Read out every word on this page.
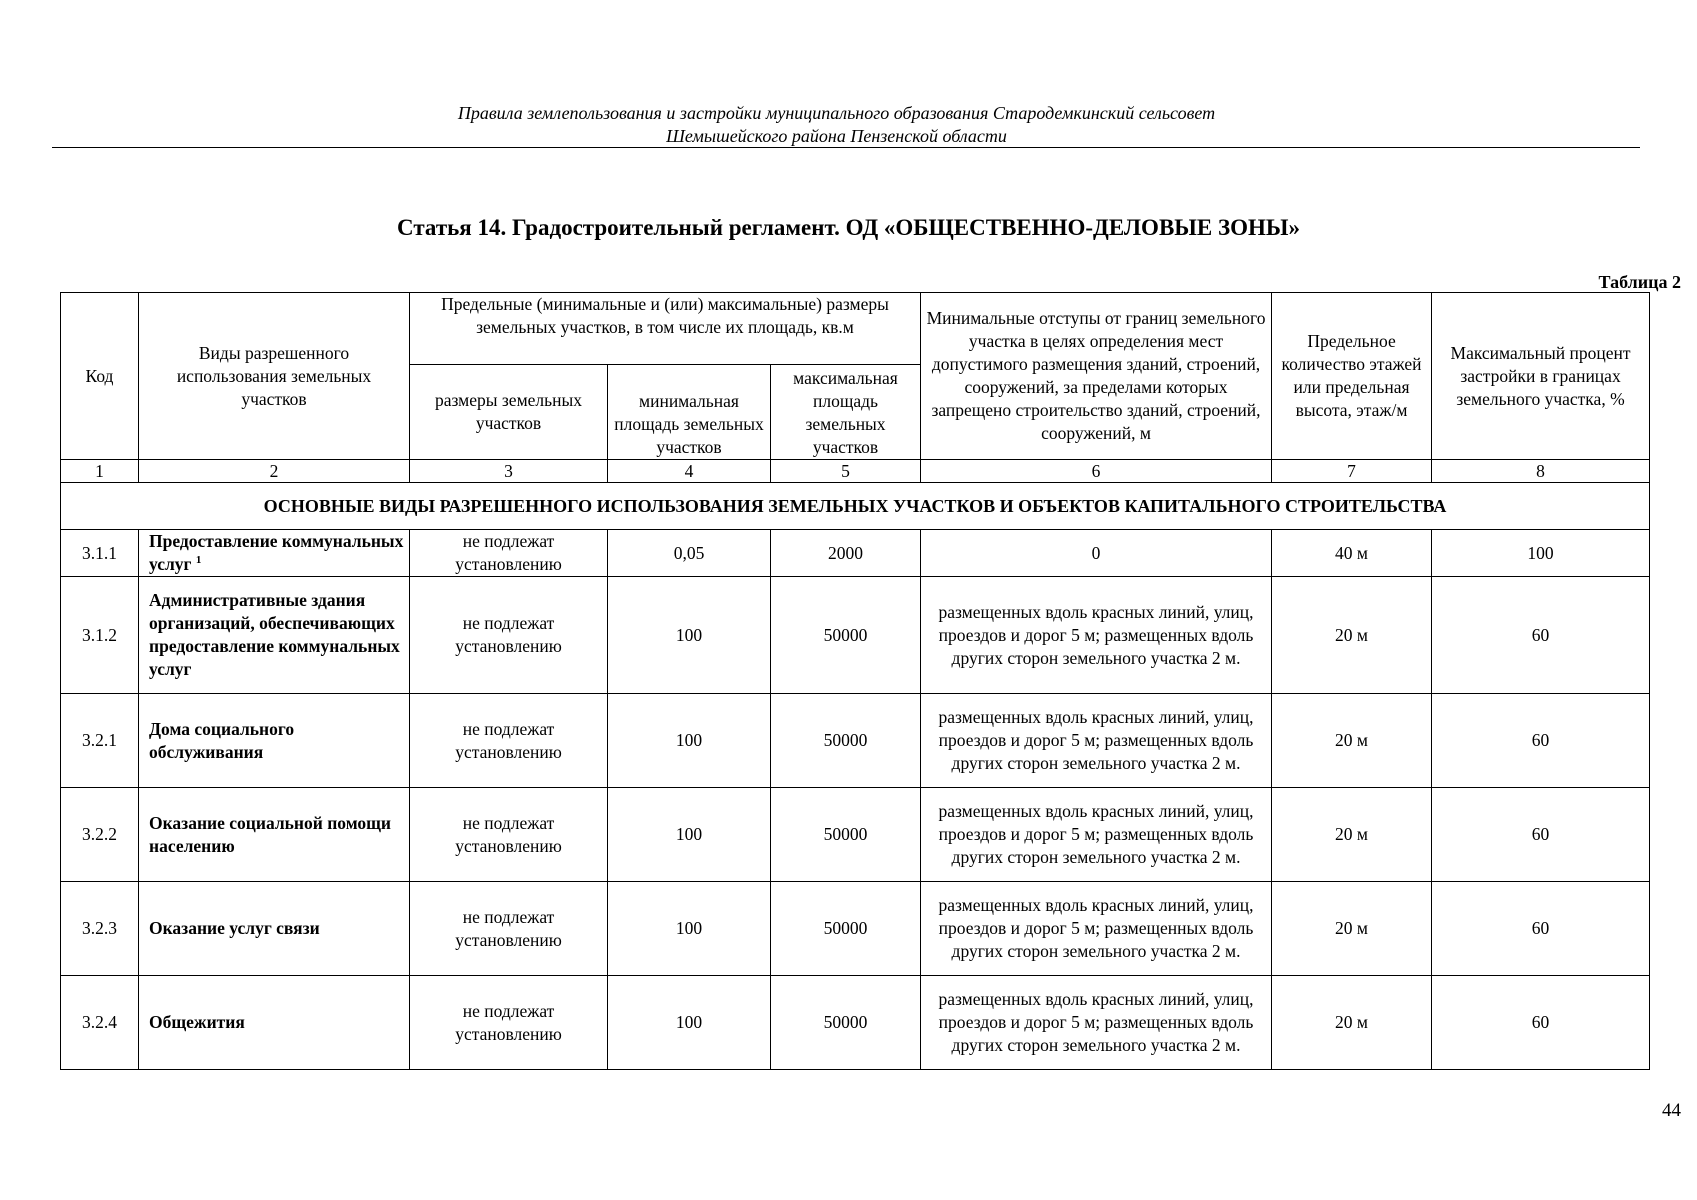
Правила землепользования и застройки муниципального образования Стародемкинский сельсовет
Шемышейского района Пензенской области
Статья 14. Градостроительный регламент. ОД «ОБЩЕСТВЕННО-ДЕЛОВЫЕ ЗОНЫ»
Таблица 2
Код	Виды разрешенного использования земельных участков	Предельные (минимальные и (или) максимальные) размеры земельных участков, в том числе их площадь, кв.м			Минимальные отступы от границ земельного участка в целях определения мест допустимого размещения зданий, строений, сооружений, за пределами которых запрещено строительство зданий, строений, сооружений, м	Предельное количество этажей или предельная высота, этаж/м	Максимальный процент застройки в границах земельного участка, %
		размеры земельных участков	минимальная площадь земельных участков	максимальная площадь земельных участков			
1	2	3	4	5	6	7	8
ОСНОВНЫЕ ВИДЫ РАЗРЕШЕННОГО ИСПОЛЬЗОВАНИЯ ЗЕМЕЛЬНЫХ УЧАСТКОВ И ОБЪЕКТОВ КАПИТАЛЬНОГО СТРОИТЕЛЬСТВА							
3.1.1	Предоставление коммунальных услуг $^1$	не подлежат установлению	0,05	2000	0	40 м	100
3.1.2	Административные здания организаций, обеспечивающих предоставление коммунальных услуг	не подлежат установлению	100	50000	размещенных вдоль красных линий, улиц, проездов и дорог 5 м; размещенных вдоль других сторон земельного участка 2 м.	20 м	60
3.2.1	Дома социального обслуживания	не подлежат установлению	100	50000	размещенных вдоль красных линий, улиц, проездов и дорог 5 м; размещенных вдоль других сторон земельного участка 2 м.	20 м	60
3.2.2	Оказание социальной помощи населению	не подлежат установлению	100	50000	размещенных вдоль красных линий, улиц, проездов и дорог 5 м; размещенных вдоль других сторон земельного участка 2 м.	20 м	60
3.2.3	Оказание услуг связи	не подлежат установлению	100	50000	размещенных вдоль красных линий, улиц, проездов и дорог 5 м; размещенных вдоль других сторон земельного участка 2 м.	20 м	60
3.2.4	Общежития	не подлежат установлению	100	50000	размещенных вдоль красных линий, улиц, проездов и дорог 5 м; размещенных вдоль других сторон земельного участка 2 м.	20 м	60
44
